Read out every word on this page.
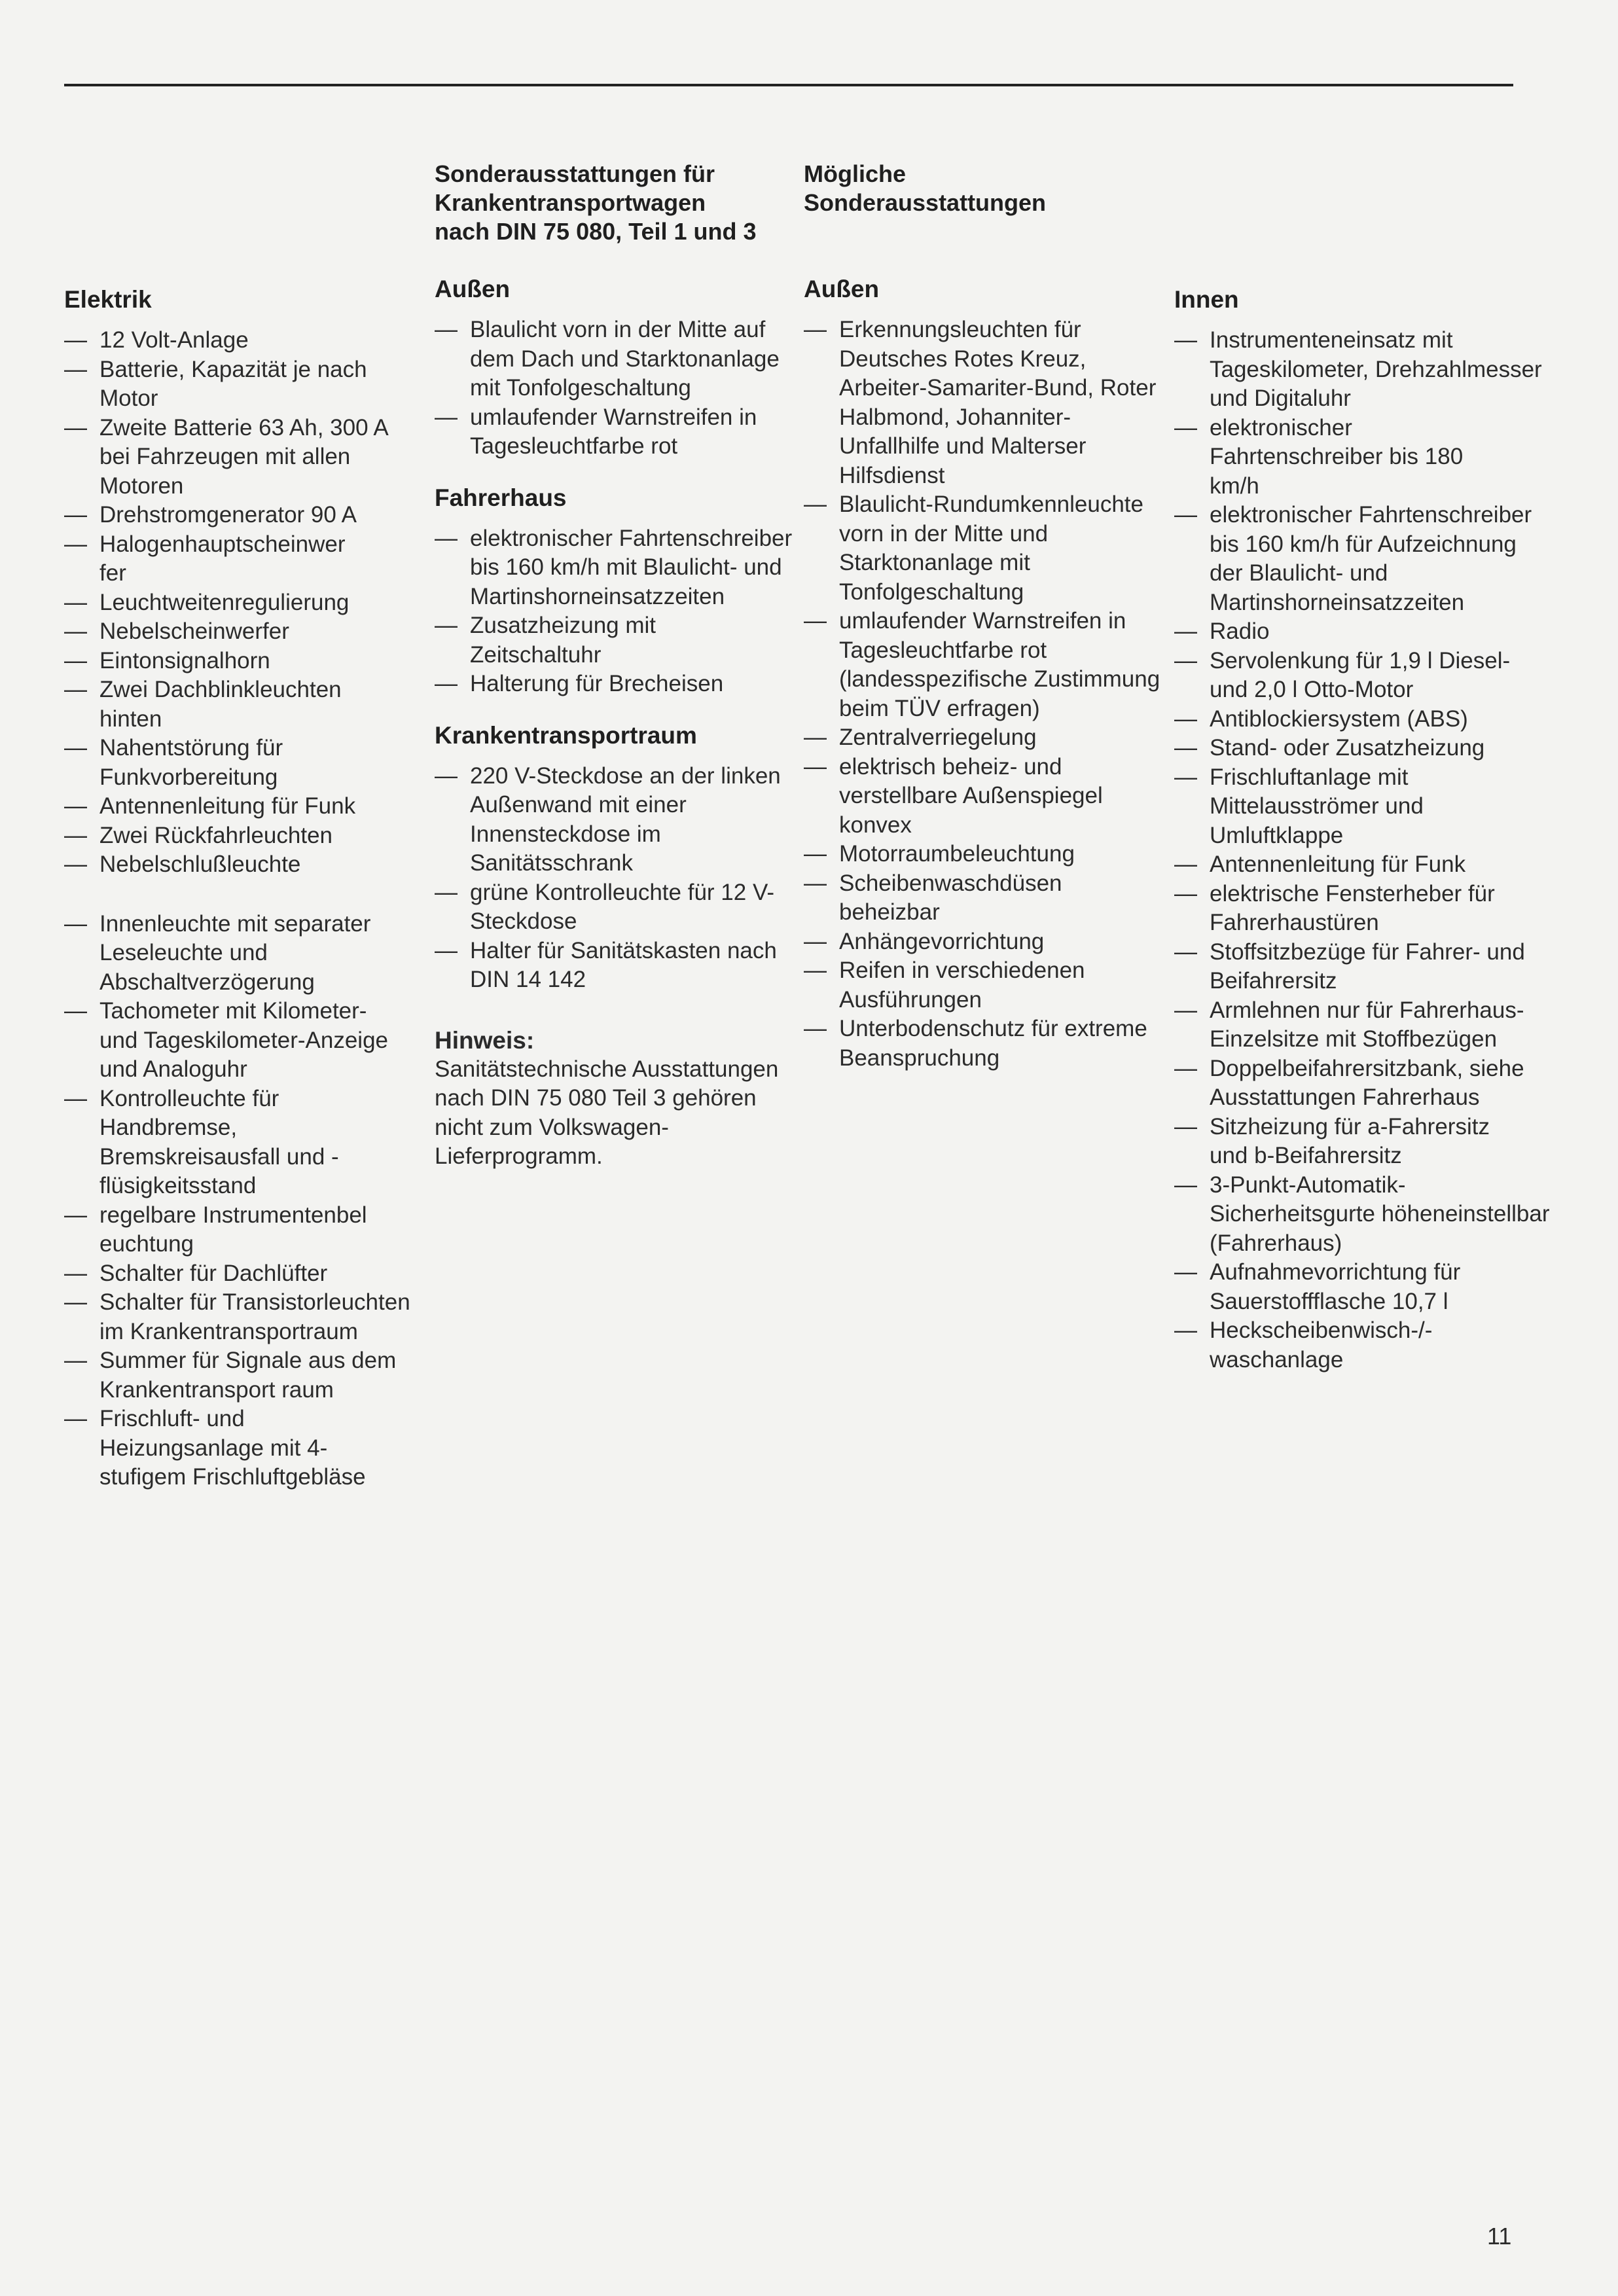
Elektrik
— 12 Volt-Anlage
— Batterie, Kapazität je nach Motor
— Zweite Batterie 63 Ah, 300 A bei Fahrzeugen mit allen Motoren
— Drehstromgenerator 90 A
— Halogenhauptscheinwerfer
— Leuchtweitenregulierung
— Nebelscheinwerfer
— Eintonsignalhorn
— Zwei Dachblinkleuchten hinten
— Nahentstörung für Funkvorbereitung
— Antennenleitung für Funk
— Zwei Rückfahrleuchten
— Nebelschlußleuchte
— Innenleuchte mit separater Leseleuchte und Abschaltverzögerung
— Tachometer mit Kilometer- und Tageskilometer-Anzeige und Analoguhr
— Kontrolleuchte für Handbremse, Bremskreisausfall und -flüsigkeitsstand
— regelbare Instrumentenbeleuchtung
— Schalter für Dachlüfter
— Schalter für Transistorleuchten im Krankentransportraum
— Summer für Signale aus dem Krankentransport raum
— Frischluft- und Heizungsanlage mit 4-stufigem Frischluftgebläse
Sonderausstattungen für Krankentransportwagen nach DIN 75 080, Teil 1 und 3
Außen
— Blaulicht vorn in der Mitte auf dem Dach und Starktonanlage mit Tonfolgeschaltung
— umlaufender Warnstreifen in Tagesleuchtfarbe rot
Fahrerhaus
— elektronischer Fahrtenschreiber bis 160 km/h mit Blaulicht- und Martinshorneinsatzzeiten
— Zusatzheizung mit Zeitschaltuhr
— Halterung für Brecheisen
Krankentransportraum
— 220 V-Steckdose an der linken Außenwand mit einer Innensteckdose im Sanitätsschrank
— grüne Kontrolleuchte für 12 V-Steckdose
— Halter für Sanitätskasten nach DIN 14 142
Hinweis:

Sanitätstechnische Ausstattungen nach DIN 75 080 Teil 3 gehören nicht zum Volkswagen-Lieferprogramm.

Mögliche Sonderausstattungen
Außen
— Erkennungsleuchten für Deutsches Rotes Kreuz, Arbeiter-Samariter-Bund, Roter Halbmond, Johanniter-Unfallhilfe und Malterser Hilfsdienst
— Blaulicht-Rundumkennleuchte vorn in der Mitte und Starktonanlage mit Tonfolgeschaltung
— umlaufender Warnstreifen in Tagesleuchtfarbe rot (landesspezifische Zustimmung beim TÜV erfragen)
— Zentralverriegelung
— elektrisch beheiz- und verstellbare Außenspiegel konvex
— Motorraumbeleuchtung
— Scheibenwaschdüsen beheizbar
— Anhängevorrichtung
— Reifen in verschiedenen Ausführungen
— Unterbodenschutz für extreme Beanspruchung
Innen
— Instrumenteneinsatz mit Tageskilometer, Drehzahlmesser und Digitaluhr
— elektronischer Fahrtenschreiber bis 180 km/h
— elektronischer Fahrtenschreiber bis 160 km/h für Aufzeichnung der Blaulicht- und Martinshorneinsatzzeiten
— Radio
— Servolenkung für 1,9 l Diesel- und 2,0 l Otto-Motor
— Antiblockiersystem (ABS)
— Stand- oder Zusatzheizung
— Frischluftanlage mit Mittelausströmer und Umluftklappe
— Antennenleitung für Funk
— elektrische Fensterheber für Fahrerhaustüren
— Stoffsitzbezüge für Fahrer- und Beifahrersitz
— Armlehnen nur für Fahrerhaus-Einzelsitze mit Stoffbezügen
— Doppelbeifahrersitzbank, siehe Ausstattungen Fahrerhaus
— Sitzheizung für a-Fahrersitz und b-Beifahrersitz
— 3-Punkt-Automatik-Sicherheitsgurte höheneinstellbar (Fahrerhaus)
— Aufnahmevorrichtung für Sauerstoffflasche 10,7 l
— Heckscheibenwisch-/-waschanlage
11
